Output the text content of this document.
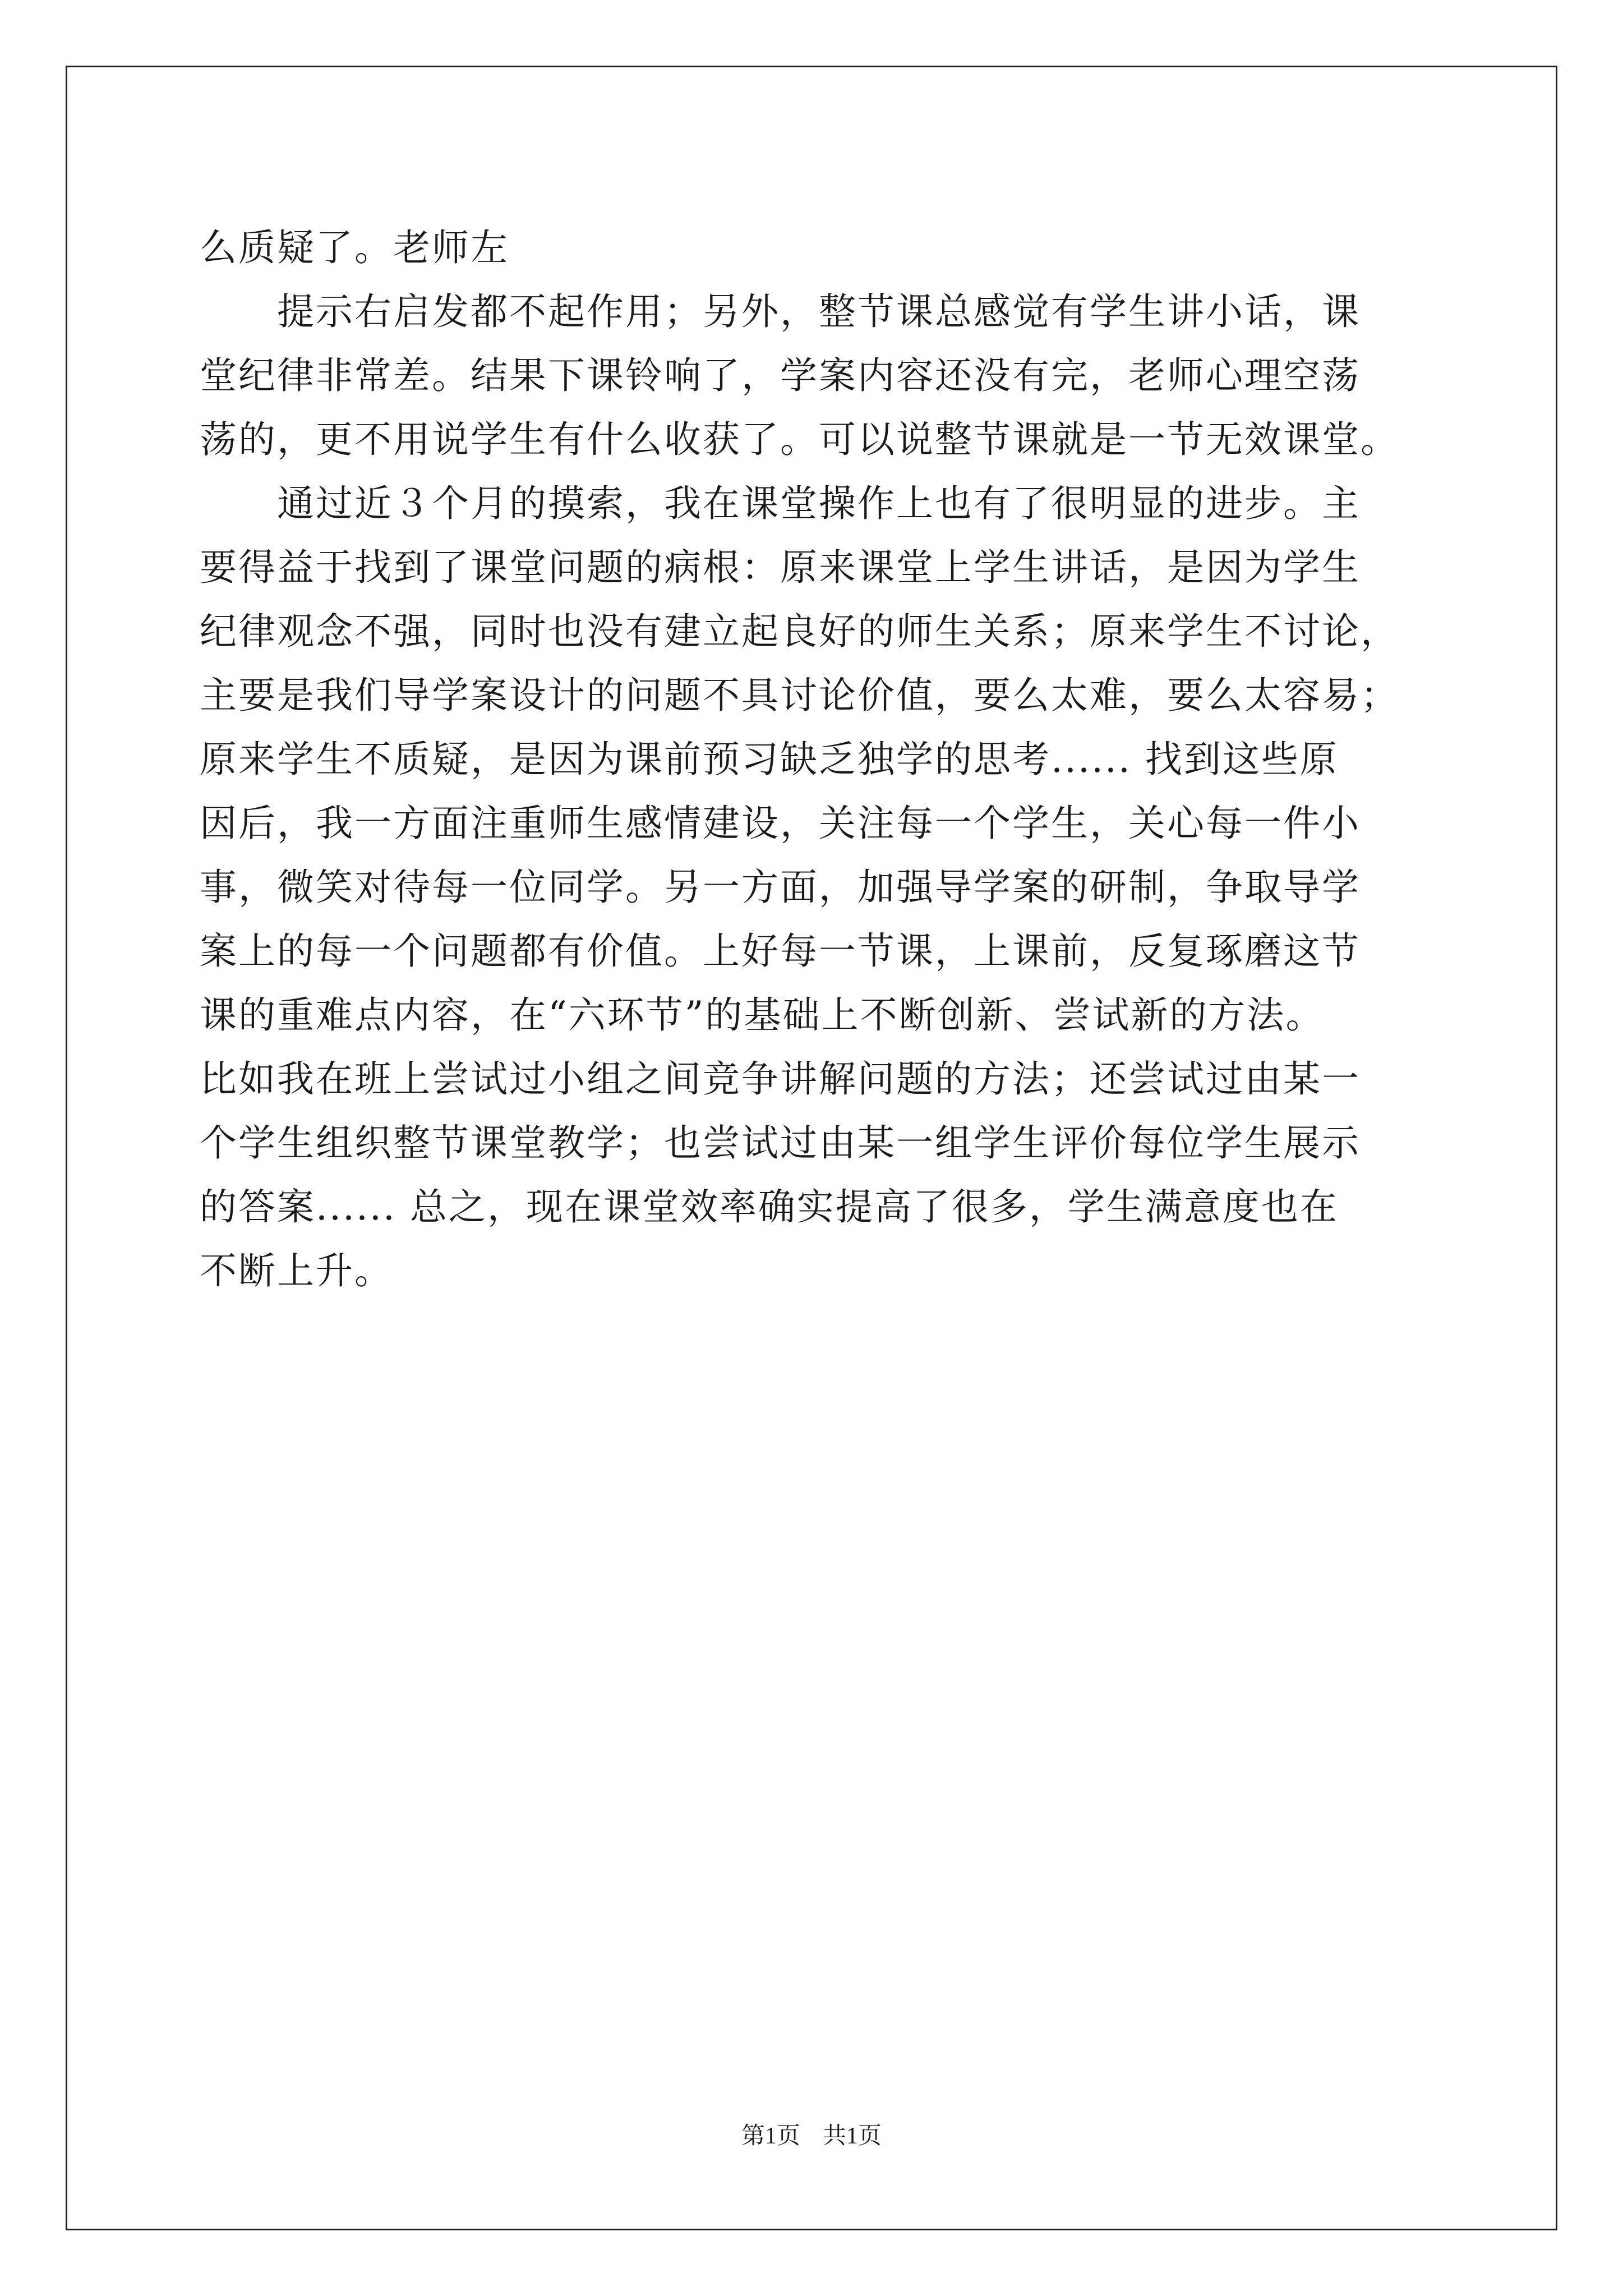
么质疑了。老师左
提示右启发都不起作用；另外，整节课总感觉有学生讲小话，课
堂纪律非常差。结果下课铃响了，学案内容还没有完，老师心理空荡
荡的，更不用说学生有什么收获了。可以说整节课就是一节无效课堂。
通过近３个月的摸索，我在课堂操作上也有了很明显的进步。主
要得益于找到了课堂问题的病根：原来课堂上学生讲话，是因为学生
纪律观念不强，同时也没有建立起良好的师生关系；原来学生不讨论，
主要是我们导学案设计的问题不具讨论价值，要么太难，要么太容易；
原来学生不质疑，是因为课前预习缺乏独学的思考...... 找到这些原
因后，我一方面注重师生感情建设，关注每一个学生，关心每一件小
事，微笑对待每一位同学。另一方面，加强导学案的研制，争取导学
案上的每一个问题都有价值。上好每一节课，上课前，反复琢磨这节
课的重难点内容，在“六环节”的基础上不断创新、尝试新的方法。
比如我在班上尝试过小组之间竞争讲解问题的方法；还尝试过由某一
个学生组织整节课堂教学；也尝试过由某一组学生评价每位学生展示
的答案...... 总之，现在课堂效率确实提高了很多，学生满意度也在
不断上升。
第1页 共1页
